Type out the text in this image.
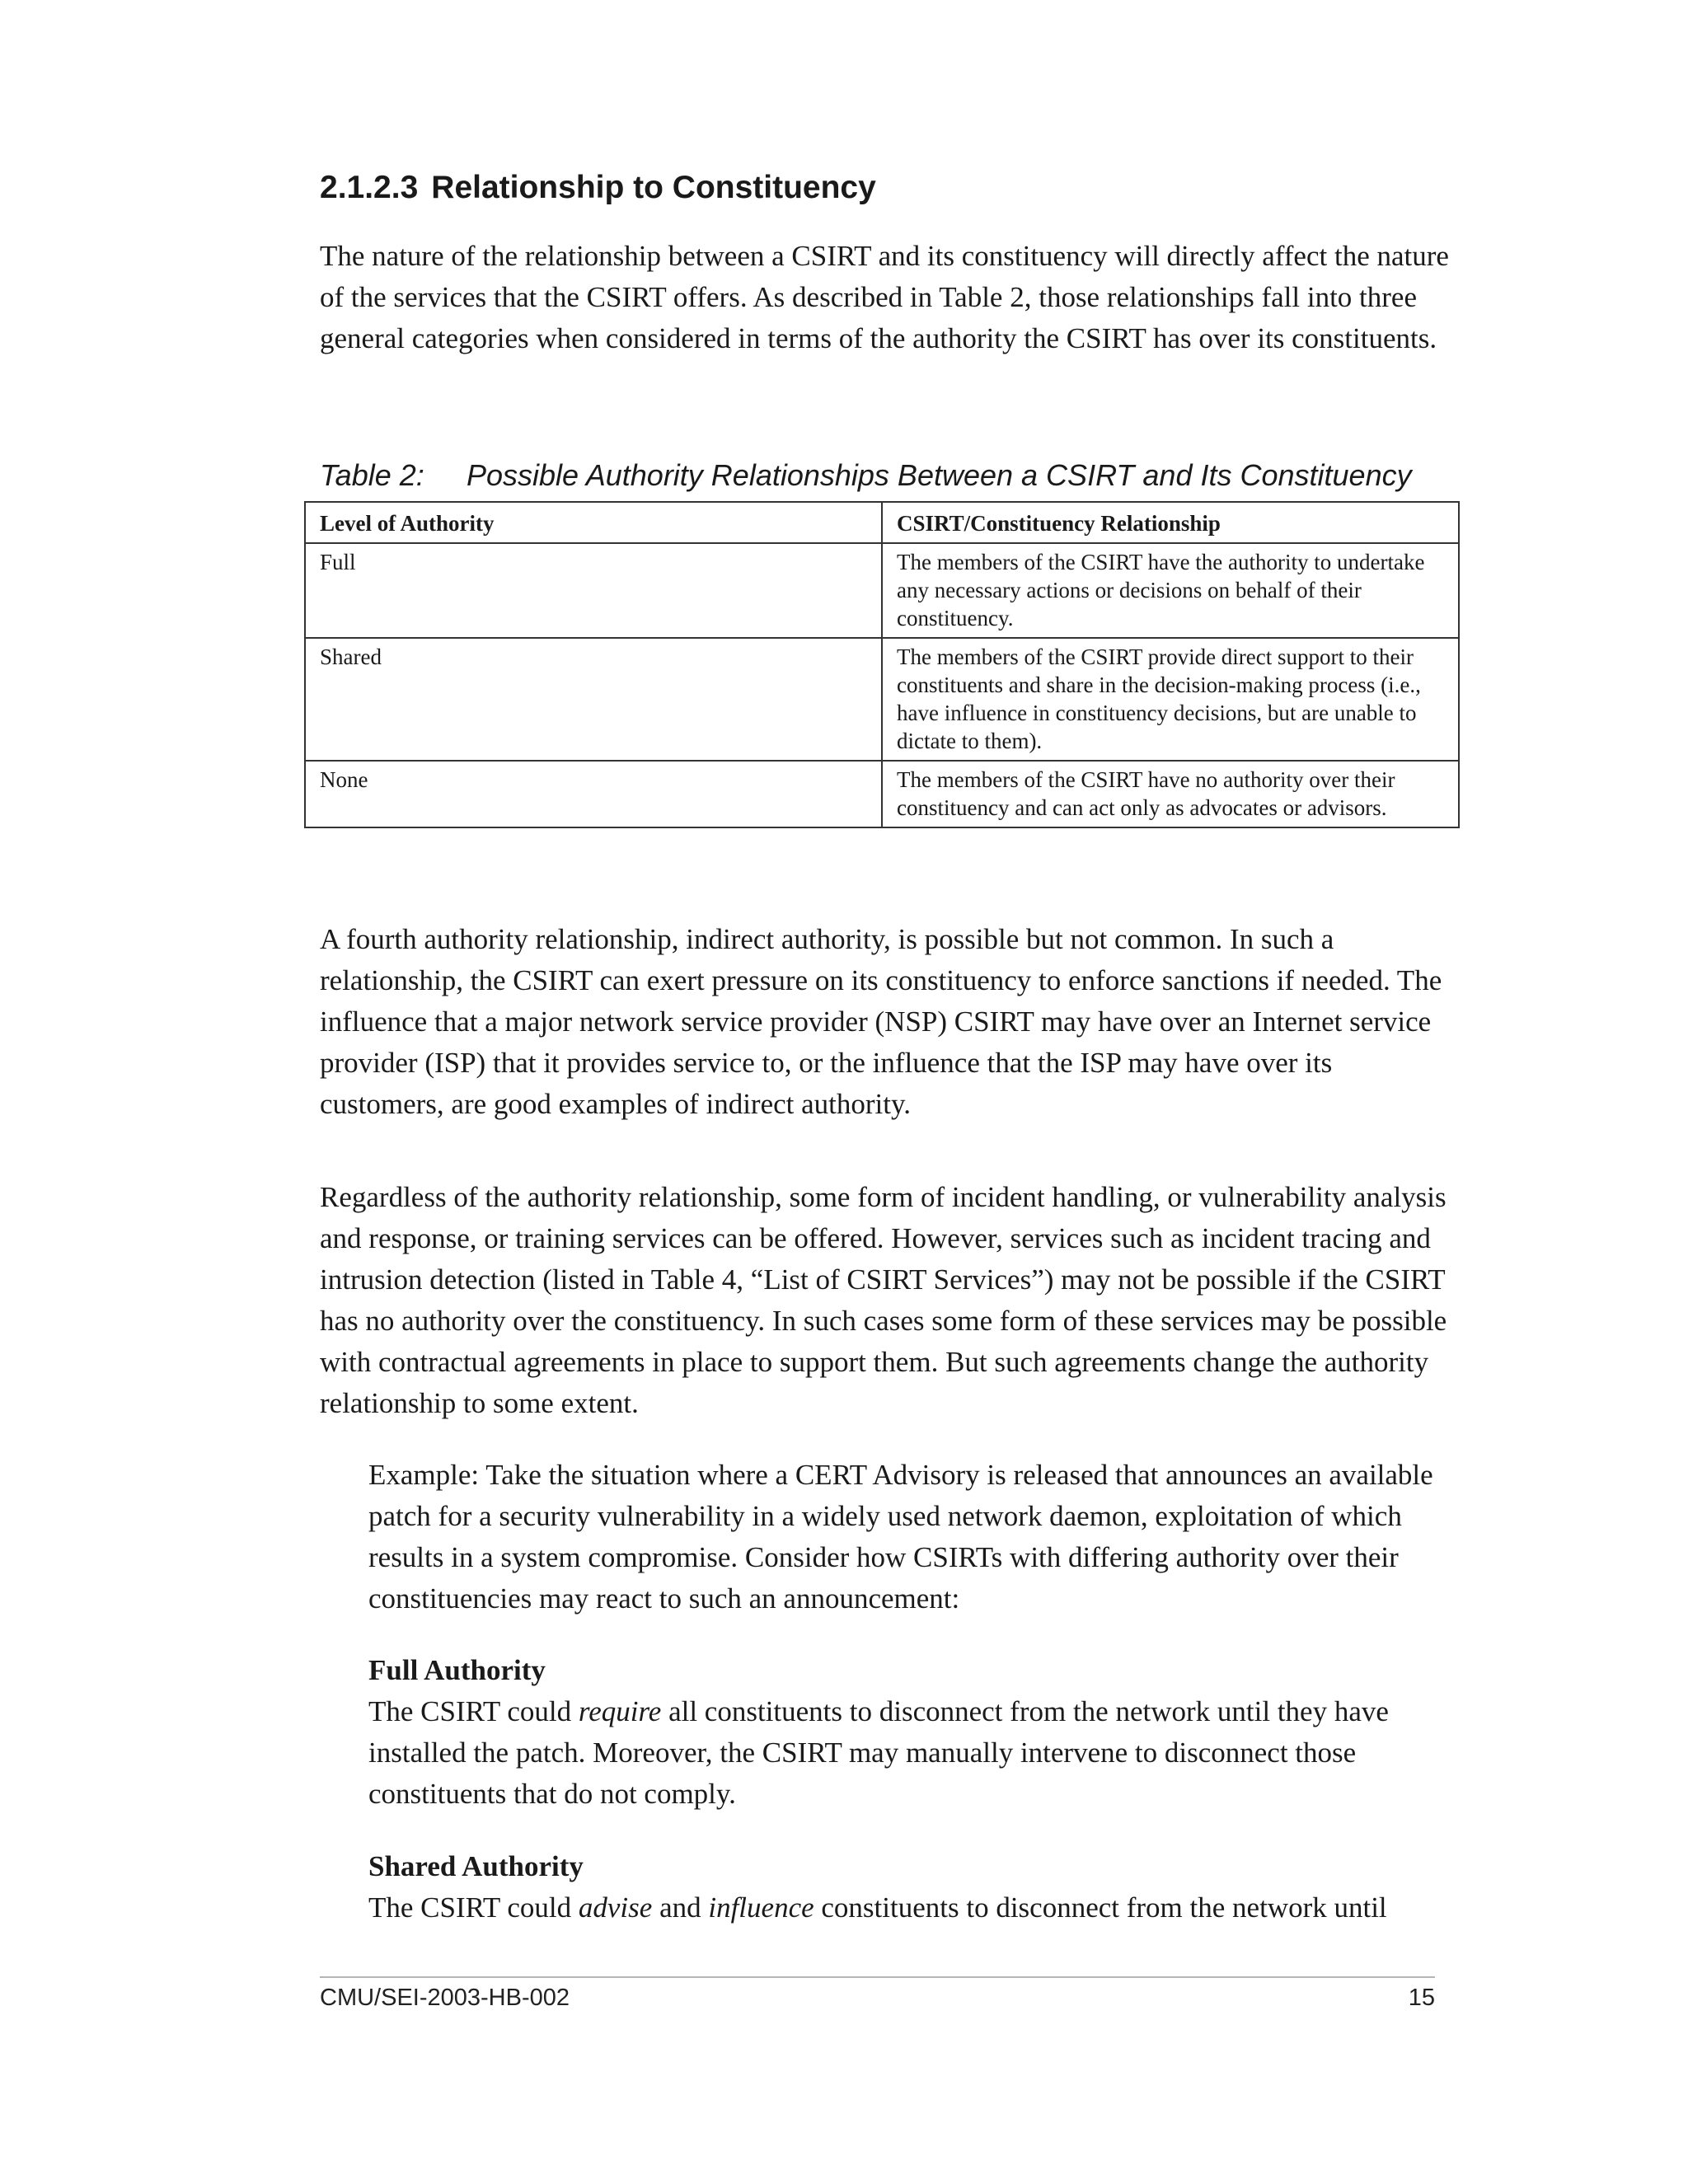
2.1.2.3 Relationship to Constituency

The nature of the relationship between a CSIRT and its constituency will directly affect the nature of the services that the CSIRT offers. As described in Table 2, those relationships fall into three general categories when considered in terms of the authority the CSIRT has over its constituents.

Table 2: Possible Authority Relationships Between a CSIRT and Its Constituency

Level of Authority	CSIRT/Constituency Relationship
Full	The members of the CSIRT have the authority to undertake any necessary actions or decisions on behalf of their constituency.
Shared	The members of the CSIRT provide direct support to their constituents and share in the decision-making process (i.e., have influence in constituency decisions, but are unable to dictate to them).
None	The members of the CSIRT have no authority over their constituency and can act only as advocates or advisors.

A fourth authority relationship, indirect authority, is possible but not common. In such a relationship, the CSIRT can exert pressure on its constituency to enforce sanctions if needed. The influence that a major network service provider (NSP) CSIRT may have over an Internet service provider (ISP) that it provides service to, or the influence that the ISP may have over its customers, are good examples of indirect authority.

Regardless of the authority relationship, some form of incident handling, or vulnerability analysis and response, or training services can be offered. However, services such as incident tracing and intrusion detection (listed in Table 4, “List of CSIRT Services”) may not be possible if the CSIRT has no authority over the constituency. In such cases some form of these services may be possible with contractual agreements in place to support them. But such agreements change the authority relationship to some extent.

Example: Take the situation where a CERT Advisory is released that announces an available patch for a security vulnerability in a widely used network daemon, exploitation of which results in a system compromise. Consider how CSIRTs with differing authority over their constituencies may react to such an announcement:

Full Authority
The CSIRT could require all constituents to disconnect from the network until they have installed the patch. Moreover, the CSIRT may manually intervene to disconnect those constituents that do not comply.

Shared Authority
The CSIRT could advise and influence constituents to disconnect from the network until

CMU/SEI-2003-HB-002	15
